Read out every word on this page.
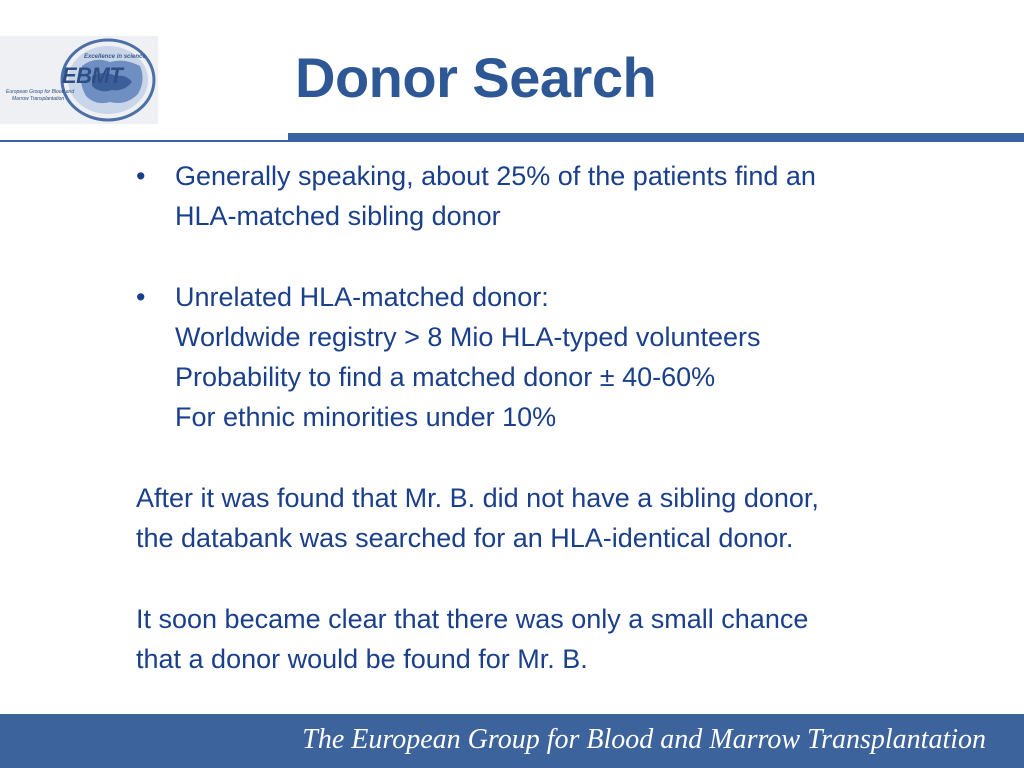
Excellence in science
EBMT
European Group for Blood and
Marrow Transplantation	Donor Search
• Generally speaking, about 25% of the patients find an
HLA-matched sibling donor
• Unrelated HLA-matched donor:
Worldwide registry > 8 Mio HLA-typed volunteers
Probability to find a matched donor ± 40-60%
For ethnic minorities under 10%
After it was found that Mr. B. did not have a sibling donor,
the databank was searched for an HLA-identical donor.
It soon became clear that there was only a small chance
that a donor would be found for Mr. B.
The European Group for Blood and Marrow Transplantation
